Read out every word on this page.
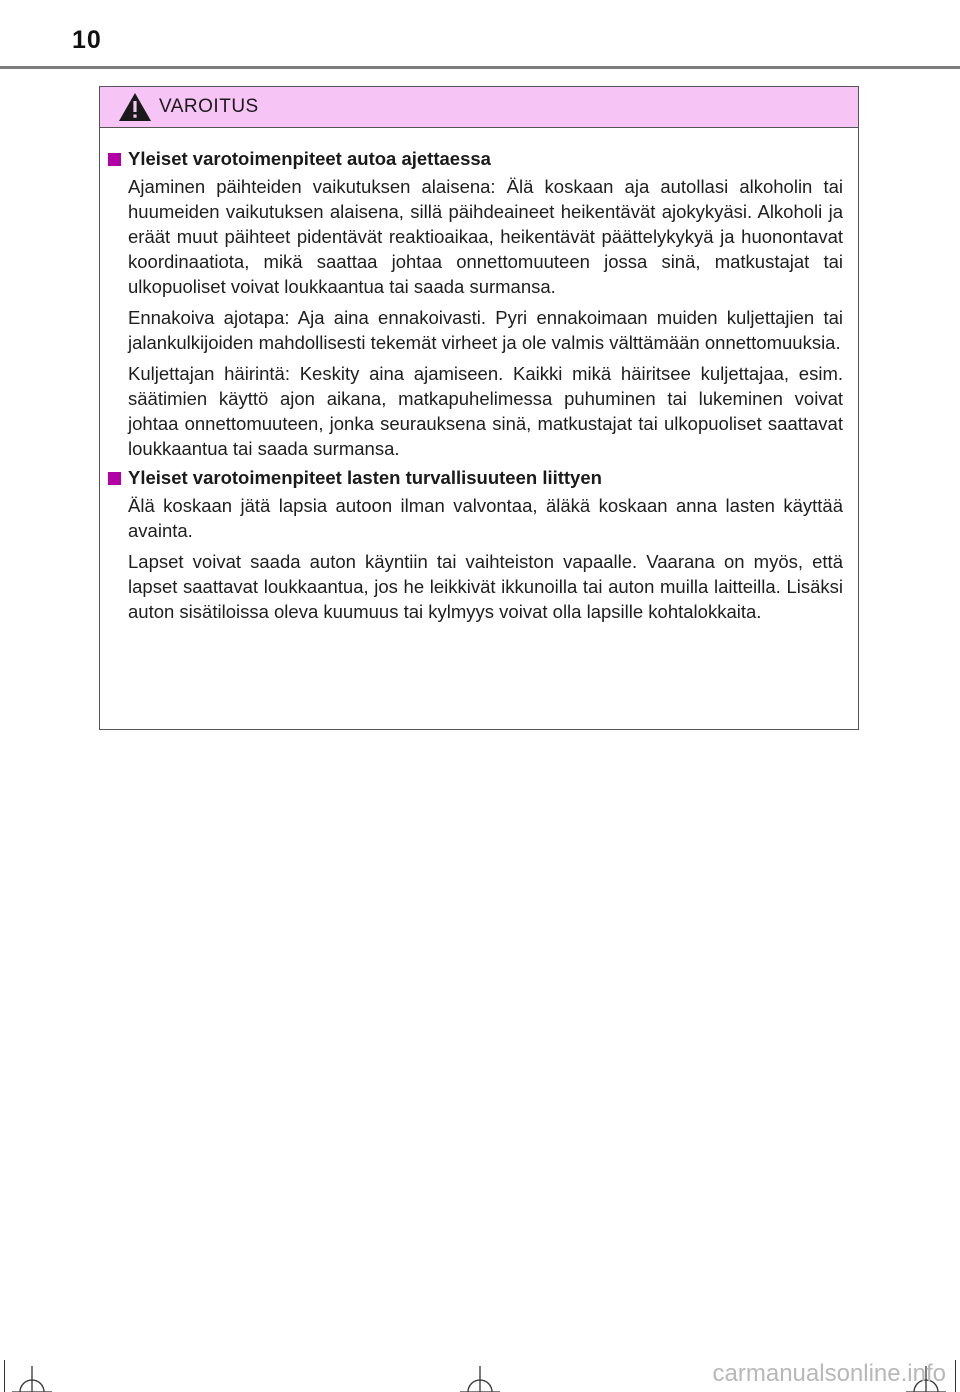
10
VAROITUS
Yleiset varotoimenpiteet autoa ajettaessa

Ajaminen päihteiden vaikutuksen alaisena: Älä koskaan aja autollasi alkoholin tai huumeiden vaikutuksen alaisena, sillä päihdeaineet heikentävät ajokykyäsi. Alkoholi ja eräät muut päihteet pidentävät reaktioaikaa, heikentävät päättelykykyä ja huonontavat koordinaatiota, mikä saattaa johtaa onnettomuuteen jossa sinä, matkustajat tai ulkopuoliset voivat loukkaantua tai saada surmansa.

Ennakoiva ajotapa: Aja aina ennakoivasti. Pyri ennakoimaan muiden kuljettajien tai jalankulkijoiden mahdollisesti tekemät virheet ja ole valmis välttämään onnettomuuksia.

Kuljettajan häirintä: Keskity aina ajamiseen. Kaikki mikä häiritsee kuljettajaa, esim. säätimien käyttö ajon aikana, matkapuhelimessa puhuminen tai lukeminen voivat johtaa onnettomuuteen, jonka seurauksena sinä, matkustajat tai ulkopuoliset saattavat loukkaantua tai saada surmansa.

Yleiset varotoimenpiteet lasten turvallisuuteen liittyen

Älä koskaan jätä lapsia autoon ilman valvontaa, äläkä koskaan anna lasten käyttää avainta.

Lapset voivat saada auton käyntiin tai vaihteiston vapaalle. Vaarana on myös, että lapset saattavat loukkaantua, jos he leikkivät ikkunoilla tai auton muilla laitteilla. Lisäksi auton sisätiloissa oleva kuumuus tai kylmyys voivat olla lapsille kohtalokkaita.

carmanualsonline.info
